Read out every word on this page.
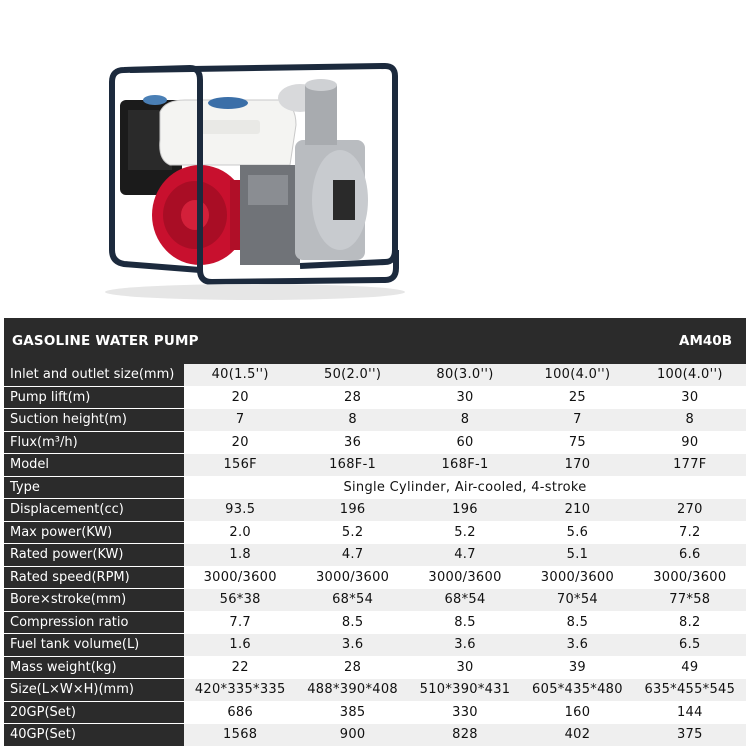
GASOLINE WATER PUMP	AM40B
Inlet and outlet size(mm)	40(1.5'')	50(2.0'')	80(3.0'')	100(4.0'')	100(4.0'')
Pump lift(m)	20	28	30	25	30
Suction height(m)	7	8	8	7	8
Flux(m³/h)	20	36	60	75	90
Model	156F	168F-1	168F-1	170	177F
Type	Single Cylinder, Air-cooled, 4-stroke
Displacement(cc)	93.5	196	196	210	270
Max power(KW)	2.0	5.2	5.2	5.6	7.2
Rated power(KW)	1.8	4.7	4.7	5.1	6.6
Rated speed(RPM)	3000/3600	3000/3600	3000/3600	3000/3600	3000/3600
Bore×stroke(mm)	56*38	68*54	68*54	70*54	77*58
Compression ratio	7.7	8.5	8.5	8.5	8.2
Fuel tank volume(L)	1.6	3.6	3.6	3.6	6.5
Mass weight(kg)	22	28	30	39	49
Size(L×W×H)(mm)	420*335*335	488*390*408	510*390*431	605*435*480	635*455*545
20GP(Set)	686	385	330	160	144
40GP(Set)	1568	900	828	402	375
